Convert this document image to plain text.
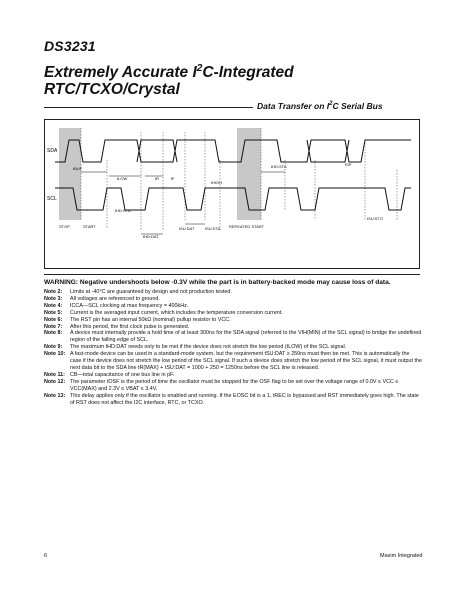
DS3231
Extremely Accurate $I^2C$-Integrated
RTC/TCXO/Crystal
Data Transfer on $I^2C$ Serial Bus
SDA
SCL
tBUF
tLOW
tHD:STA
tR	tF
tHIGH
tSU:STA
tHD:STA	tSP
tSU:STO
tHD:DAT
tSU:DAT
STOP	START	REPEATED START
WARNING: Negative undershoots below -0.3V while the part is in battery-backed mode may cause loss of data.
Note 2:	Limits at -40°C are guaranteed by design and not production tested.
Note 3:	All voltages are referenced to ground.
Note 4:	ICCA—SCL clocking at max frequency = 400kHz.
Note 5:	Current is the averaged input current, which includes the temperature conversion current.
Note 6:	The RST pin has an internal 50kΩ (nominal) pullup resistor to VCC.
Note 7:	After this period, the first clock pulse is generated.
Note 8:	A device must internally provide a hold time of at least 300ns for the SDA signal (referred to the VIH(MIN) of the SCL signal) to bridge the undefined region of the falling edge of SCL.
Note 9:	The maximum tHD:DAT needs only to be met if the device does not stretch the low period (tLOW) of the SCL signal.
Note 10: A fast-mode device can be used in a standard-mode system, but the requirement tSU:DAT ≥ 250ns must then be met. This is automatically the case if the device does not stretch the low period of the SCL signal. If such a device does stretch the low period of the SCL signal, it must output the next data bit to the SDA line tR(MAX) + tSU:DAT = 1000 + 250 = 1250ns before the SCL line is released.
Note 11: CB—total capacitance of one bus line in pF.
Note 12: The parameter tOSF is the period of time the oscillator must be stopped for the OSF flag to be set over the voltage range of 0.0V ≤ VCC ≤ VCC(MAX) and 2.3V ≤ VBAT ≤ 3.4V.
Note 13: This delay applies only if the oscillator is enabled and running. If the EOSC bit is a 1, tREC is bypassed and RST immediately goes high. The state of RST does not affect the I2C interface, RTC, or TCXO.
6	Maxim Integrated
